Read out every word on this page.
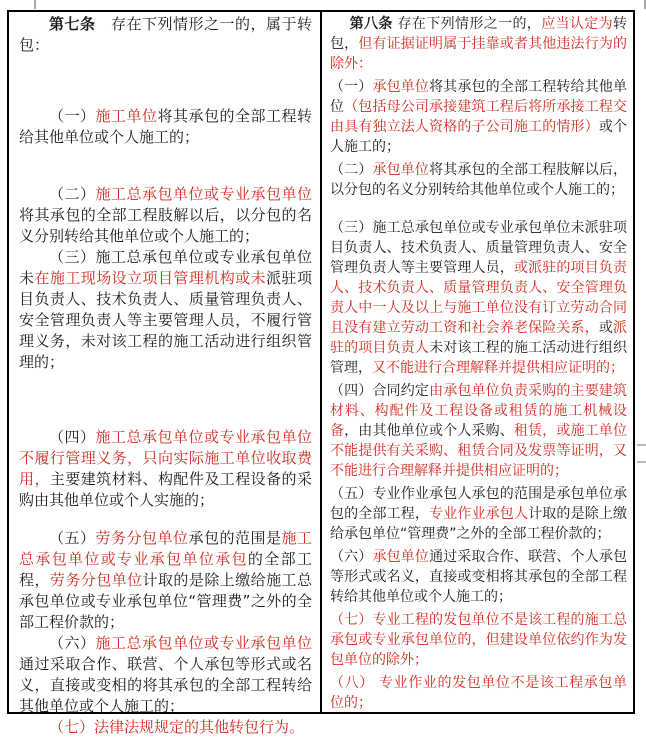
第七条　存在下列情形之一的，属于转包：

（一）施工单位将其承包的全部工程转给其他单位或个人施工的；

（二）施工总承包单位或专业承包单位将其承包的全部工程肢解以后，以分包的名义分别转给其他单位或个人施工的；

（三）施工总承包单位或专业承包单位未在施工现场设立项目管理机构或未派驻项目负责人、技术负责人、质量管理负责人、安全管理负责人等主要管理人员，不履行管理义务，未对该工程的施工活动进行组织管理的；

（四）施工总承包单位或专业承包单位不履行管理义务，只向实际施工单位收取费用，主要建筑材料、构配件及工程设备的采购由其他单位或个人实施的；

（五）劳务分包单位承包的范围是施工总承包单位或专业承包单位承包的全部工程，劳务分包单位计取的是除上缴给施工总承包单位或专业承包单位“管理费”之外的全部工程价款的；

（六）施工总承包单位或专业承包单位通过采取合作、联营、个人承包等形式或名义，直接或变相的将其承包的全部工程转给其他单位或个人施工的；

（七）法律法规规定的其他转包行为。

第八条 存在下列情形之一的，应当认定为转包，但有证据证明属于挂靠或者其他违法行为的除外：

（一）承包单位将其承包的全部工程转给其他单位（包括母公司承接建筑工程后将所承接工程交由具有独立法人资格的子公司施工的情形）或个人施工的；

（二）承包单位将其承包的全部工程肢解以后，以分包的名义分别转给其他单位或个人施工的；

（三）施工总承包单位或专业承包单位未派驻项目负责人、技术负责人、质量管理负责人、安全管理负责人等主要管理人员，或派驻的项目负责人、技术负责人、质量管理负责人、安全管理负责人中一人及以上与施工单位没有订立劳动合同且没有建立劳动工资和社会养老保险关系，或派驻的项目负责人未对该工程的施工活动进行组织管理，又不能进行合理解释并提供相应证明的；

（四）合同约定由承包单位负责采购的主要建筑材料、构配件及工程设备或租赁的施工机械设备，由其他单位或个人采购、租赁，或施工单位不能提供有关采购、租赁合同及发票等证明，又不能进行合理解释并提供相应证明的；

（五）专业作业承包人承包的范围是承包单位承包的全部工程，专业作业承包人计取的是除上缴给承包单位“管理费”之外的全部工程价款的；

（六）承包单位通过采取合作、联营、个人承包等形式或名义，直接或变相将其承包的全部工程转给其他单位或个人施工的；

（七）专业工程的发包单位不是该工程的施工总承包或专业承包单位的，但建设单位依约作为发包单位的除外；

（八） 专业作业的发包单位不是该工程承包单位的；
